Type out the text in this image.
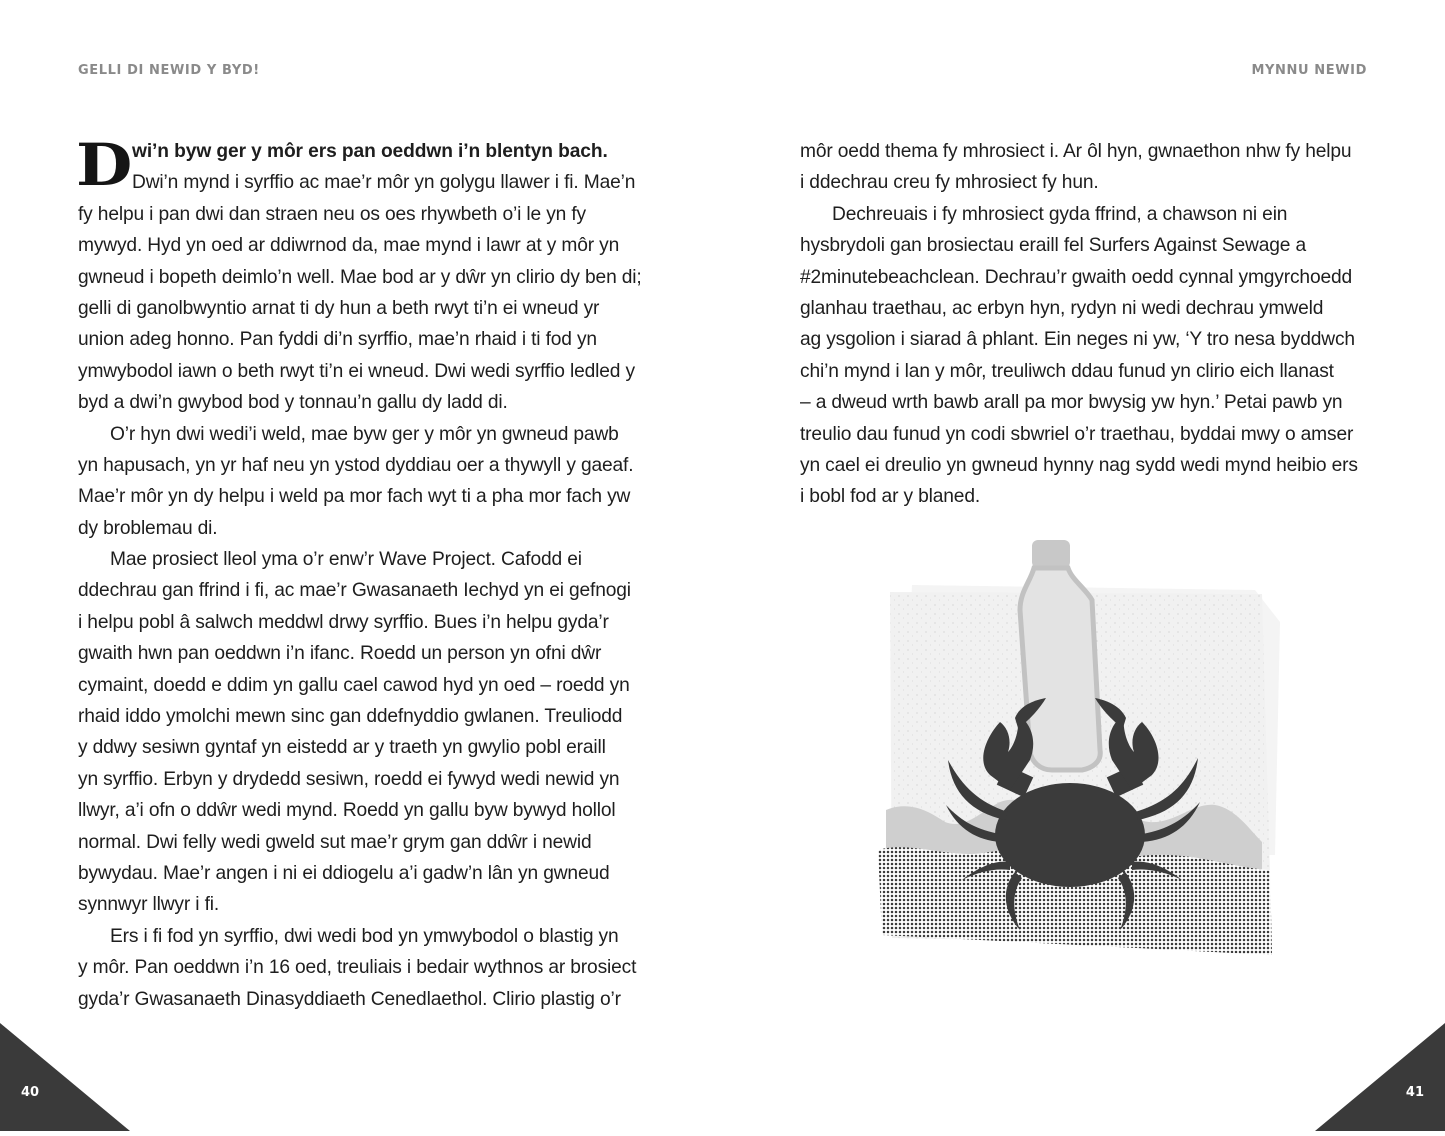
GELLI DI NEWID Y BYD!	MYNNU NEWID
D wi’n byw ger y môr ers pan oeddwn i’n blentyn bach.
Dwi’n mynd i syrffio ac mae’r môr yn golygu llawer i fi. Mae’n
fy helpu i pan dwi dan straen neu os oes rhywbeth o’i le yn fy
mywyd. Hyd yn oed ar ddiwrnod da, mae mynd i lawr at y môr yn
gwneud i bopeth deimlo’n well. Mae bod ar y dŵr yn clirio dy ben di;
gelli di ganolbwyntio arnat ti dy hun a beth rwyt ti’n ei wneud yr
union adeg honno. Pan fyddi di’n syrffio, mae’n rhaid i ti fod yn
ymwybodol iawn o beth rwyt ti’n ei wneud. Dwi wedi syrffio ledled y
byd a dwi’n gwybod bod y tonnau’n gallu dy ladd di.
O’r hyn dwi wedi’i weld, mae byw ger y môr yn gwneud pawb
yn hapusach, yn yr haf neu yn ystod dyddiau oer a thywyll y gaeaf.
Mae’r môr yn dy helpu i weld pa mor fach wyt ti a pha mor fach yw
dy broblemau di.
Mae prosiect lleol yma o’r enw’r Wave Project. Cafodd ei
ddechrau gan ffrind i fi, ac mae’r Gwasanaeth Iechyd yn ei gefnogi
i helpu pobl â salwch meddwl drwy syrffio. Bues i’n helpu gyda’r
gwaith hwn pan oeddwn i’n ifanc. Roedd un person yn ofni dŵr
cymaint, doedd e ddim yn gallu cael cawod hyd yn oed – roedd yn
rhaid iddo ymolchi mewn sinc gan ddefnyddio gwlanen. Treuliodd
y ddwy sesiwn gyntaf yn eistedd ar y traeth yn gwylio pobl eraill
yn syrffio. Erbyn y drydedd sesiwn, roedd ei fywyd wedi newid yn
llwyr, a’i ofn o ddŵr wedi mynd. Roedd yn gallu byw bywyd hollol
normal. Dwi felly wedi gweld sut mae’r grym gan ddŵr i newid
bywydau. Mae’r angen i ni ei ddiogelu a’i gadw’n lân yn gwneud
synnwyr llwyr i fi.
Ers i fi fod yn syrffio, dwi wedi bod yn ymwybodol o blastig yn
y môr. Pan oeddwn i’n 16 oed, treuliais i bedair wythnos ar brosiect
gyda’r Gwasanaeth Dinasyddiaeth Cenedlaethol. Clirio plastig o’r
môr oedd thema fy mhrosiect i. Ar ôl hyn, gwnaethon nhw fy helpu
i ddechrau creu fy mhrosiect fy hun.
Dechreuais i fy mhrosiect gyda ffrind, a chawson ni ein
hysbrydoli gan brosiectau eraill fel Surfers Against Sewage a
#2minutebeachclean. Dechrau’r gwaith oedd cynnal ymgyrchoedd
glanhau traethau, ac erbyn hyn, rydyn ni wedi dechrau ymweld
ag ysgolion i siarad â phlant. Ein neges ni yw, ‘Y tro nesa byddwch
chi’n mynd i lan y môr, treuliwch ddau funud yn clirio eich llanast
– a dweud wrth bawb arall pa mor bwysig yw hyn.’ Petai pawb yn
treulio dau funud yn codi sbwriel o’r traethau, byddai mwy o amser
yn cael ei dreulio yn gwneud hynny nag sydd wedi mynd heibio ers
i bobl fod ar y blaned.
40	41
